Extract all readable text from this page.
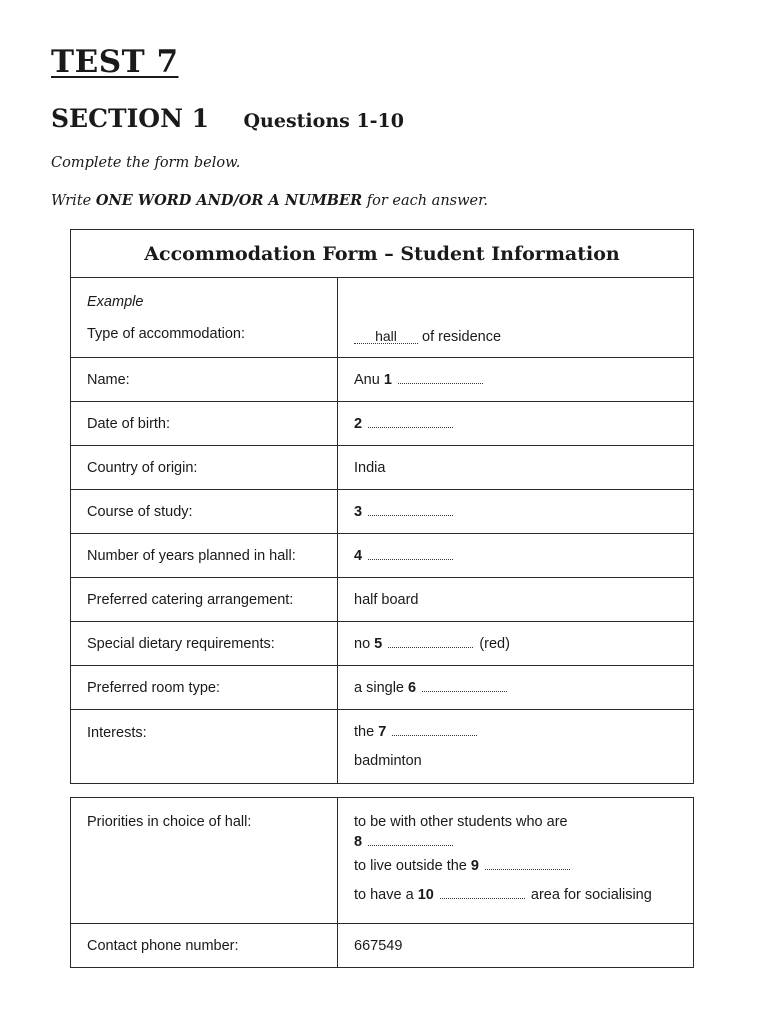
TEST 7
SECTION 1 Questions 1-10
Complete the form below.
Write ONE WORD AND/OR A NUMBER for each answer.
Accommodation Form – Student Information	

Example
Type of accommodation:	hall of residence
Name:	Anu 1
Date of birth:	2
Country of origin:	India
Course of study:	3
Number of years planned in hall:	4
Preferred catering arrangement:	half board
Special dietary requirements:	no 5 (red)
Preferred room type:	a single 6
Interests:	the 7
badminton
Priorities in choice of hall:	to be with other students who are
8
to live outside the 9
to have a 10 area for socialising

Contact phone number:	667549
